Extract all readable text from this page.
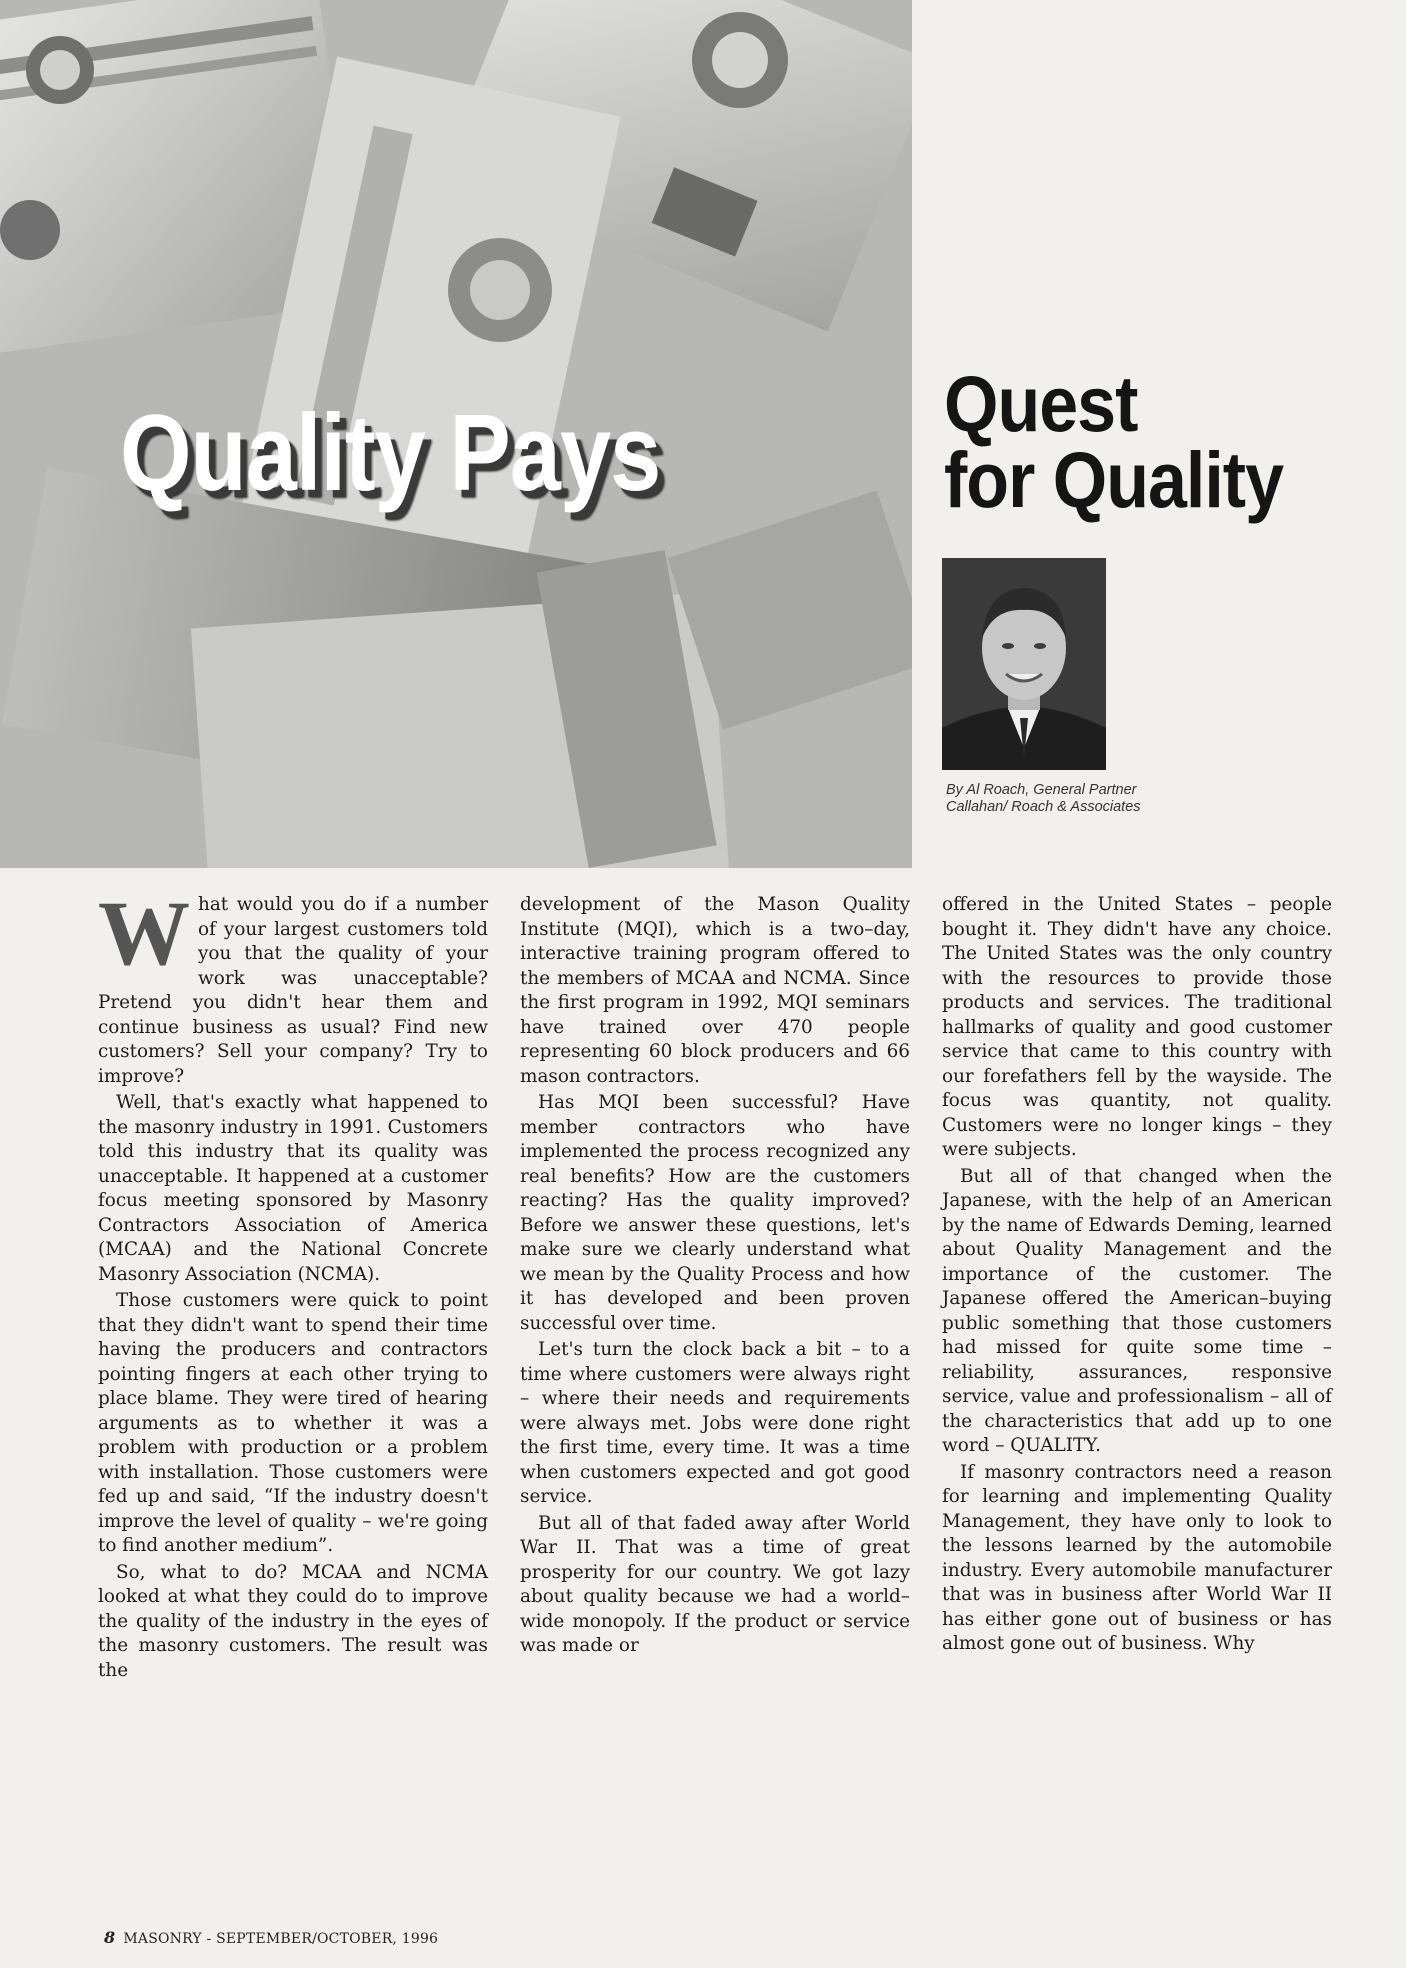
Quality Pays	Quest
for Quality
By Al Roach, General Partner
Callahan/ Roach & Associates

What would you do if a number of your largest customers told you that the quality of your work was unacceptable? Pretend you didn't hear them and continue business as usual? Find new customers? Sell your company? Try to improve?

Well, that's exactly what happened to the masonry industry in 1991. Customers told this industry that its quality was unacceptable. It happened at a customer focus meeting sponsored by Masonry Contractors Association of America (MCAA) and the National Concrete Masonry Association (NCMA).

Those customers were quick to point that they didn't want to spend their time having the producers and contractors pointing fingers at each other trying to place blame. They were tired of hearing arguments as to whether it was a problem with production or a problem with installation. Those customers were fed up and said, “If the industry doesn't improve the level of quality – we're going to find another medium”.

So, what to do? MCAA and NCMA looked at what they could do to improve the quality of the industry in the eyes of the masonry customers. The result was the

development of the Mason Quality Institute (MQI), which is a two–day, interactive training program offered to the members of MCAA and NCMA. Since the first program in 1992, MQI seminars have trained over 470 people representing 60 block producers and 66 mason contractors.

Has MQI been successful? Have member contractors who have implemented the process recognized any real benefits? How are the customers reacting? Has the quality improved? Before we answer these questions, let's make sure we clearly understand what we mean by the Quality Process and how it has developed and been proven successful over time.

Let's turn the clock back a bit – to a time where customers were always right – where their needs and requirements were always met. Jobs were done right the first time, every time. It was a time when customers expected and got good service.

But all of that faded away after World War II. That was a time of great prosperity for our country. We got lazy about quality because we had a world–wide monopoly. If the product or service was made or

offered in the United States – people bought it. They didn't have any choice. The United States was the only country with the resources to provide those products and services. The traditional hallmarks of quality and good customer service that came to this country with our forefathers fell by the wayside. The focus was quantity, not quality. Customers were no longer kings – they were subjects.

But all of that changed when the Japanese, with the help of an American by the name of Edwards Deming, learned about Quality Management and the importance of the customer. The Japanese offered the American–buying public something that those customers had missed for quite some time – reliability, assurances, responsive service, value and professionalism – all of the characteristics that add up to one word – QUALITY.

If masonry contractors need a reason for learning and implementing Quality Management, they have only to look to the lessons learned by the automobile industry. Every automobile manufacturer that was in business after World War II has either gone out of business or has almost gone out of business. Why

8 MASONRY - SEPTEMBER/OCTOBER, 1996
